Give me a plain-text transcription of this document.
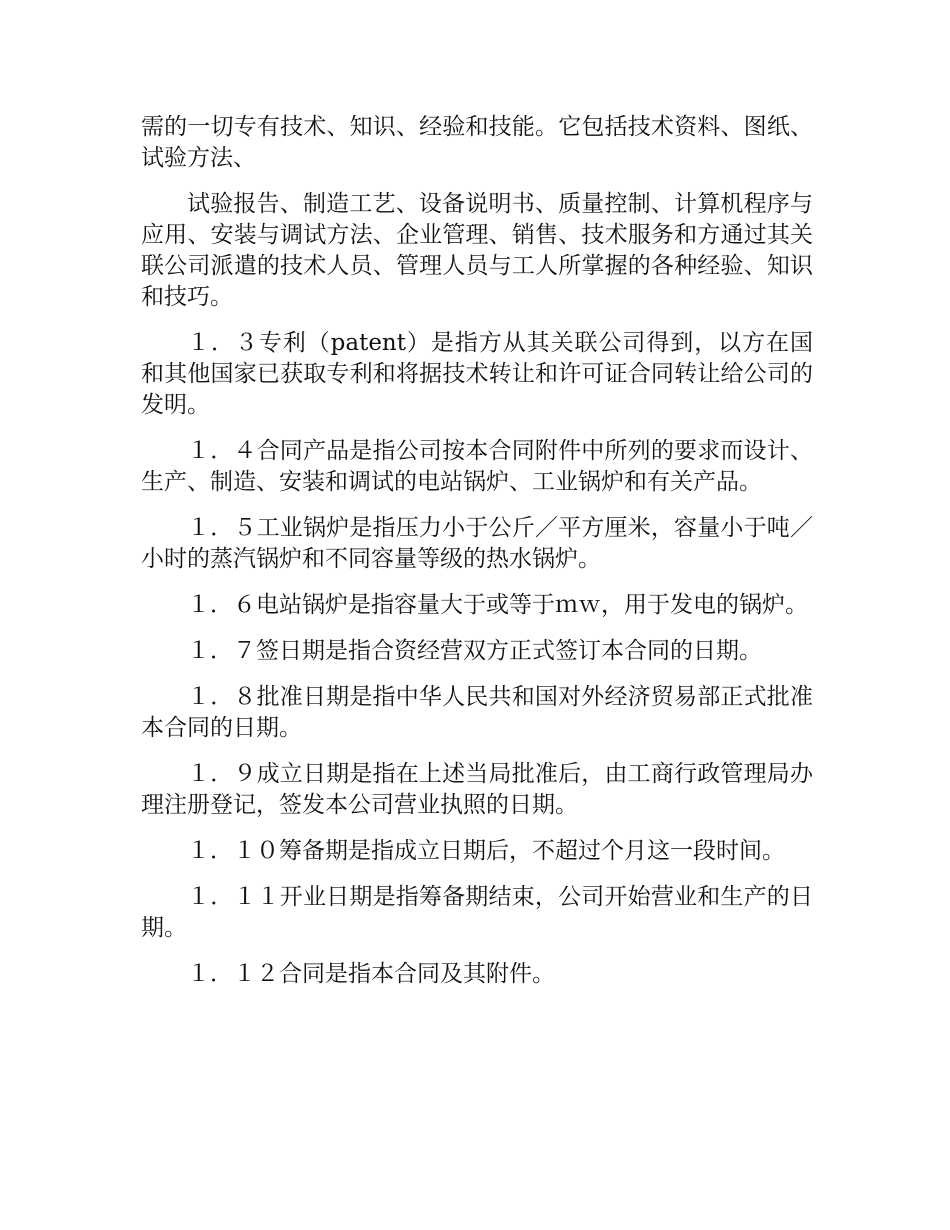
需的一切专有技术、知识、经验和技能。它包括技术资料、图纸、试验方法、

试验报告、制造工艺、设备说明书、质量控制、计算机程序与应用、安装与调试方法、企业管理、销售、技术服务和方通过其关联公司派遣的技术人员、管理人员与工人所掌握的各种经验、知识和技巧。

１．３专利（patent）是指方从其关联公司得到，以方在国和其他国家已获取专利和将据技术转让和许可证合同转让给公司的发明。

１．４合同产品是指公司按本合同附件中所列的要求而设计、生产、制造、安装和调试的电站锅炉、工业锅炉和有关产品。

１．５工业锅炉是指压力小于公斤／平方厘米，容量小于吨／小时的蒸汽锅炉和不同容量等级的热水锅炉。

１．６电站锅炉是指容量大于或等于ｍｗ，用于发电的锅炉。

１．７签日期是指合资经营双方正式签订本合同的日期。

１．８批准日期是指中华人民共和国对外经济贸易部正式批准本合同的日期。

１．９成立日期是指在上述当局批准后，由工商行政管理局办理注册登记，签发本公司营业执照的日期。

１．１０筹备期是指成立日期后，不超过个月这一段时间。

１．１１开业日期是指筹备期结束，公司开始营业和生产的日期。

１．１２合同是指本合同及其附件。
